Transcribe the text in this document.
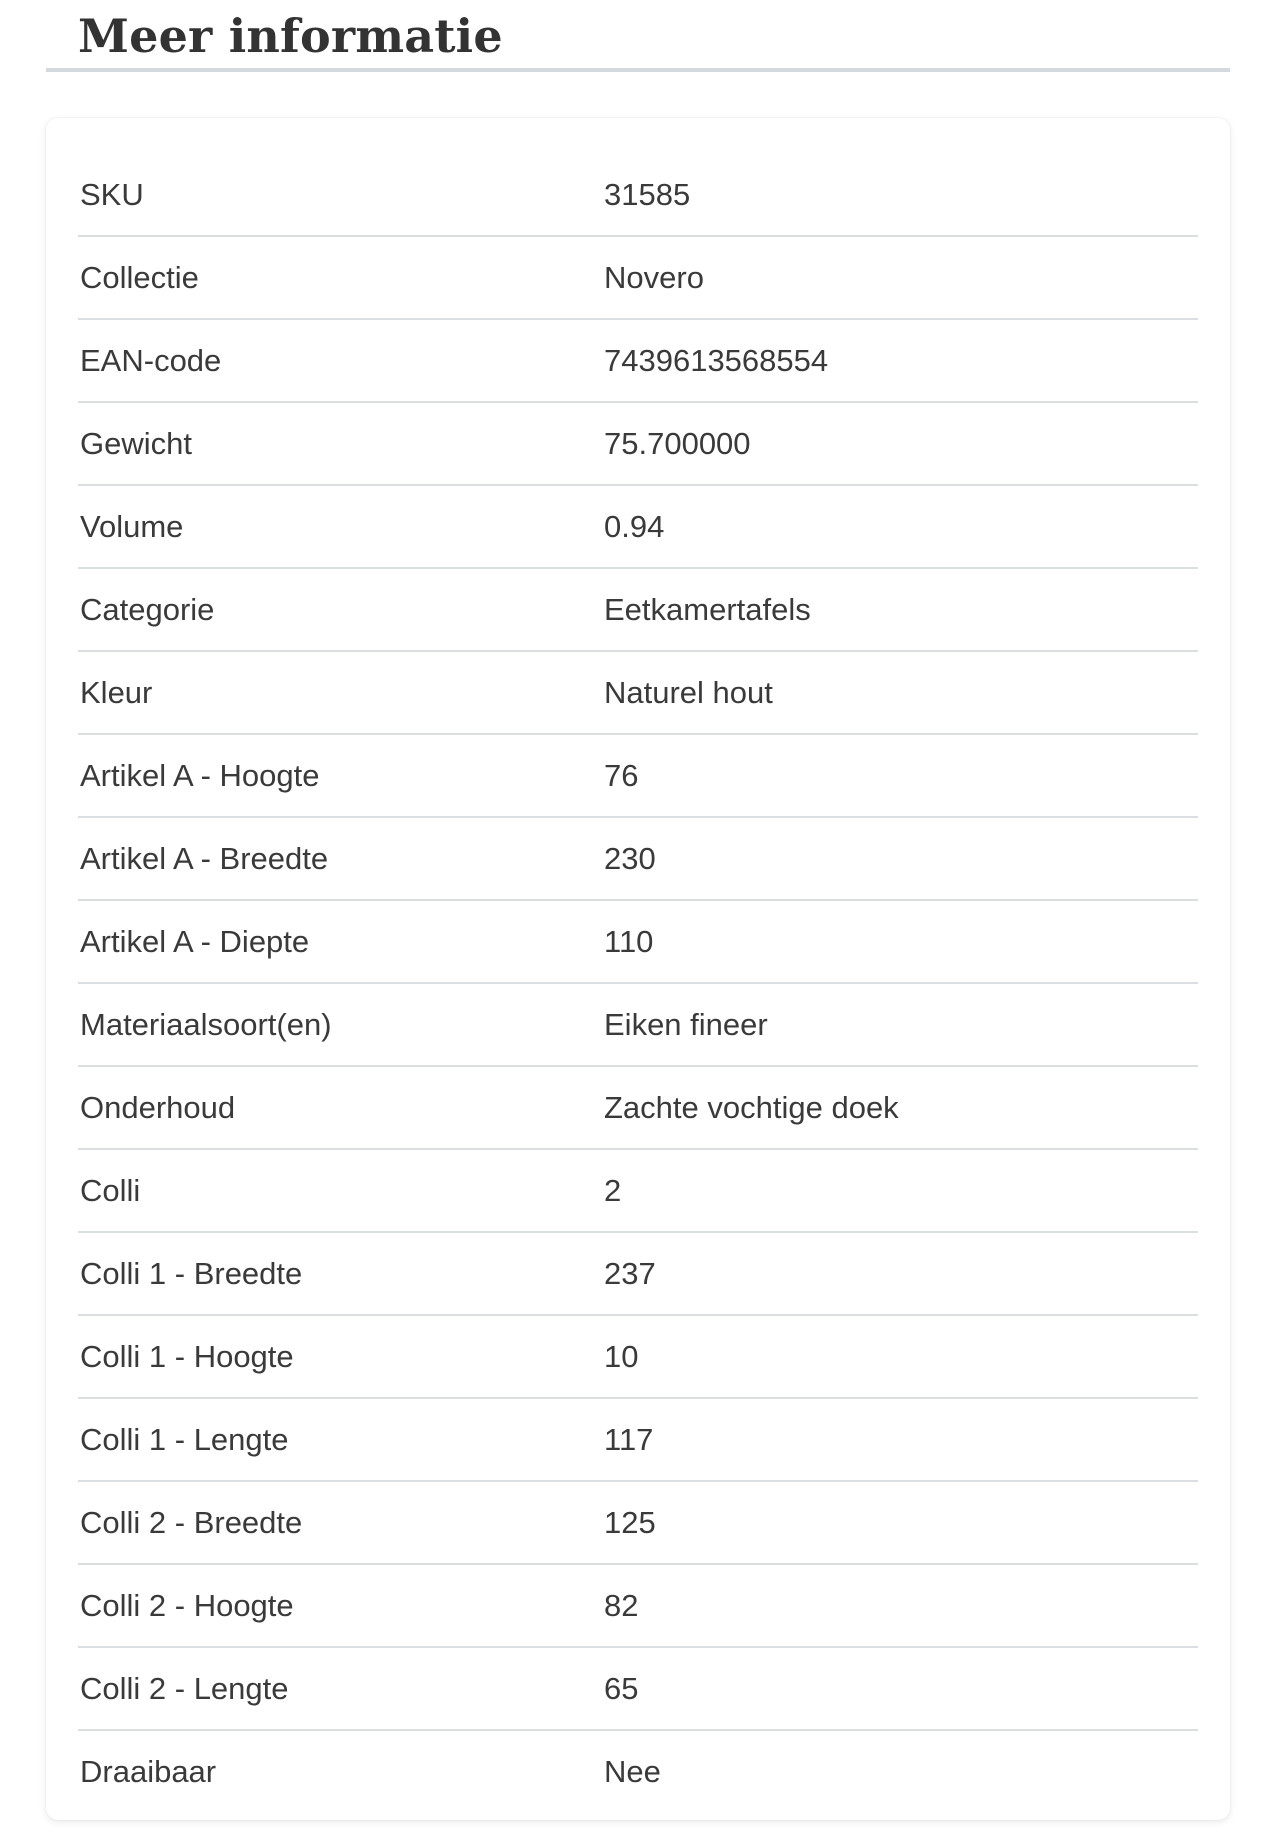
Meer informatie
SKU	31585
Collectie	Novero
EAN-code	7439613568554
Gewicht	75.700000
Volume	0.94
Categorie	Eetkamertafels
Kleur	Naturel hout
Artikel A - Hoogte	76
Artikel A - Breedte	230
Artikel A - Diepte	110
Materiaalsoort(en)	Eiken fineer
Onderhoud	Zachte vochtige doek
Colli	2
Colli 1 - Breedte	237
Colli 1 - Hoogte	10
Colli 1 - Lengte	117
Colli 2 - Breedte	125
Colli 2 - Hoogte	82
Colli 2 - Lengte	65
Draaibaar	Nee
